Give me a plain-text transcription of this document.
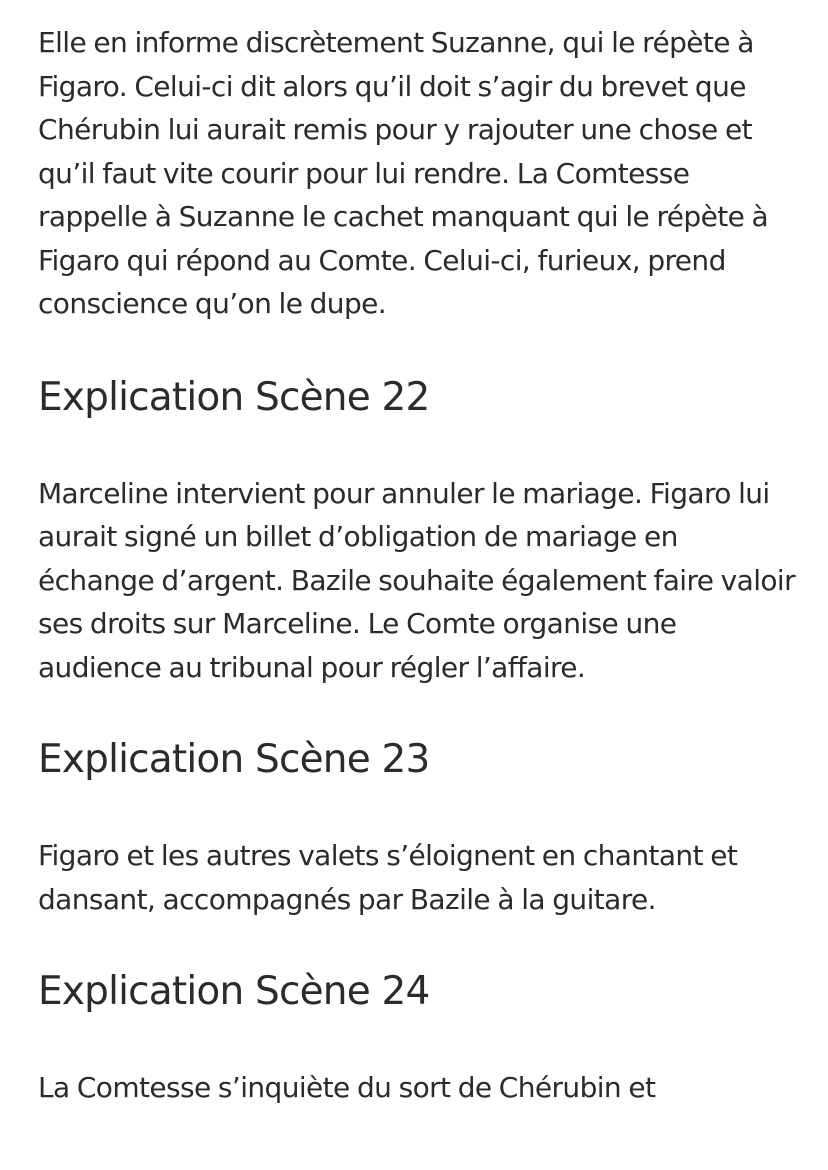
Elle en informe discrètement Suzanne, qui le répète à Figaro. Celui-ci dit alors qu’il doit s’agir du brevet que Chérubin lui aurait remis pour y rajouter une chose et qu’il faut vite courir pour lui rendre. La Comtesse rappelle à Suzanne le cachet manquant qui le répète à Figaro qui répond au Comte. Celui-ci, furieux, prend conscience qu’on le dupe.

Explication Scène 22

Marceline intervient pour annuler le mariage. Figaro lui aurait signé un billet d’obligation de mariage en échange d’argent. Bazile souhaite également faire valoir ses droits sur Marceline. Le Comte organise une audience au tribunal pour régler l’affaire.

Explication Scène 23

Figaro et les autres valets s’éloignent en chantant et dansant, accompagnés par Bazile à la guitare.

Explication Scène 24

La Comtesse s’inquiète du sort de Chérubin et
